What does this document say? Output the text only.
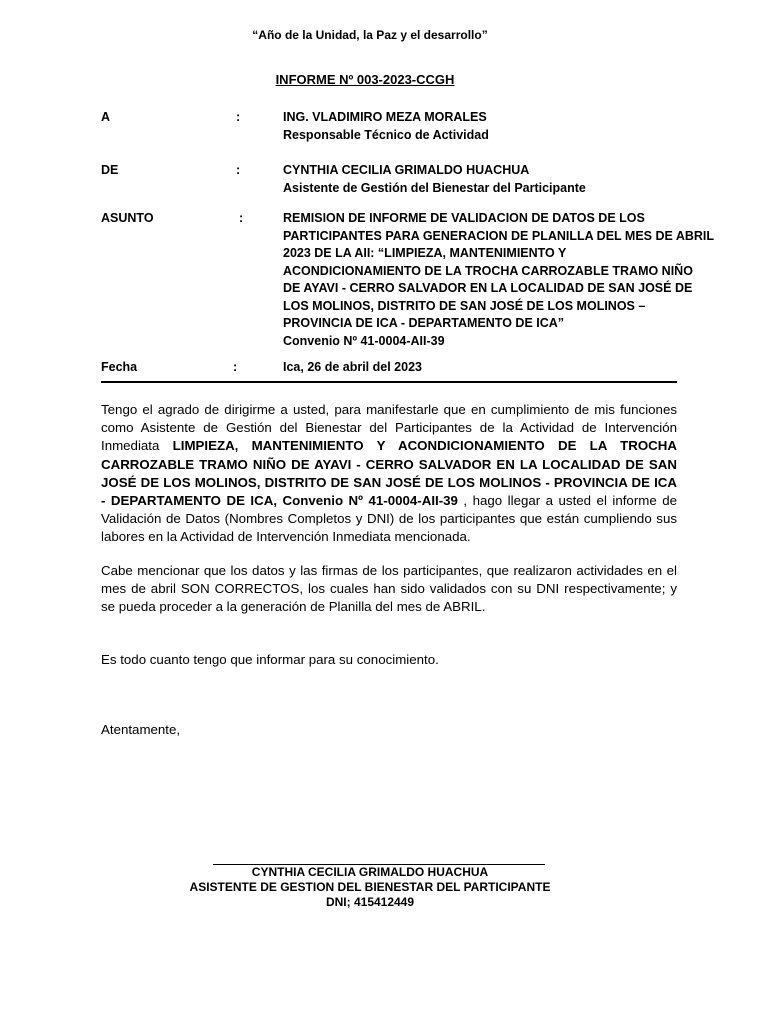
“Año de la Unidad, la Paz y el desarrollo”
INFORME Nº 003-2023-CCGH
A	:	ING. VLADIMIRO MEZA MORALES
Responsable Técnico de Actividad
DE	:	CYNTHIA CECILIA GRIMALDO HUACHUA
Asistente de Gestión del Bienestar del Participante
ASUNTO	:	REMISION DE INFORME DE VALIDACION DE DATOS DE LOS
PARTICIPANTES PARA GENERACION DE PLANILLA DEL MES DE ABRIL
2023 DE LA AII: “LIMPIEZA, MANTENIMIENTO Y
ACONDICIONAMIENTO DE LA TROCHA CARROZABLE TRAMO NIÑO
DE AYAVI - CERRO SALVADOR EN LA LOCALIDAD DE SAN JOSÉ DE
LOS MOLINOS, DISTRITO DE SAN JOSÉ DE LOS MOLINOS –
PROVINCIA DE ICA - DEPARTAMENTO DE ICA”
Convenio Nº 41-0004-AII-39
Fecha	:	Ica, 26 de abril del 2023
Tengo el agrado de dirigirme a usted, para manifestarle que en cumplimiento de mis funciones como Asistente de Gestión del Bienestar del Participantes de la Actividad de Intervención Inmediata LIMPIEZA, MANTENIMIENTO Y ACONDICIONAMIENTO DE LA TROCHA CARROZABLE TRAMO NIÑO DE AYAVI - CERRO SALVADOR EN LA LOCALIDAD DE SAN JOSÉ DE LOS MOLINOS, DISTRITO DE SAN JOSÉ DE LOS MOLINOS - PROVINCIA DE ICA - DEPARTAMENTO DE ICA, Convenio Nº 41-0004-AII-39 , hago llegar a usted el informe de Validación de Datos (Nombres Completos y DNI) de los participantes que están cumpliendo sus labores en la Actividad de Intervención Inmediata mencionada.
Cabe mencionar que los datos y las firmas de los participantes, que realizaron actividades en el mes de abril SON CORRECTOS, los cuales han sido validados con su DNI respectivamente; y se pueda proceder a la generación de Planilla del mes de ABRIL.
Es todo cuanto tengo que informar para su conocimiento.
Atentamente,
CYNTHIA CECILIA GRIMALDO HUACHUA
ASISTENTE DE GESTION DEL BIENESTAR DEL PARTICIPANTE
DNI; 415412449
